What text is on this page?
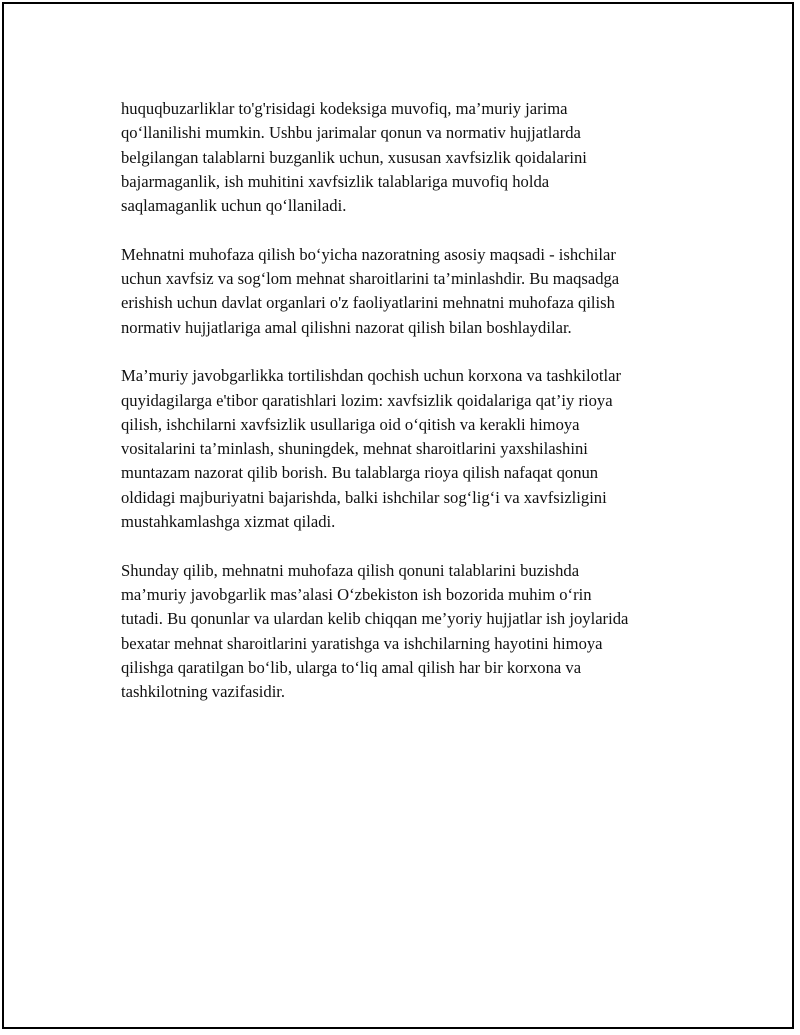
huquqbuzarliklar to'g'risidagi kodeksiga muvofiq, ma’muriy jarima
qo‘llanilishi mumkin. Ushbu jarimalar qonun va normativ hujjatlarda
belgilangan talablarni buzganlik uchun, xususan xavfsizlik qoidalarini
bajarmaganlik, ish muhitini xavfsizlik talablariga muvofiq holda
saqlamaganlik uchun qo‘llaniladi.

Mehnatni muhofaza qilish bo‘yicha nazoratning asosiy maqsadi - ishchilar
uchun xavfsiz va sog‘lom mehnat sharoitlarini ta’minlashdir. Bu maqsadga
erishish uchun davlat organlari o'z faoliyatlarini mehnatni muhofaza qilish
normativ hujjatlariga amal qilishni nazorat qilish bilan boshlaydilar.

Ma’muriy javobgarlikka tortilishdan qochish uchun korxona va tashkilotlar
quyidagilarga e'tibor qaratishlari lozim: xavfsizlik qoidalariga qat’iy rioya
qilish, ishchilarni xavfsizlik usullariga oid o‘qitish va kerakli himoya
vositalarini ta’minlash, shuningdek, mehnat sharoitlarini yaxshilashini
muntazam nazorat qilib borish. Bu talablarga rioya qilish nafaqat qonun
oldidagi majburiyatni bajarishda, balki ishchilar sog‘lig‘i va xavfsizligini
mustahkamlashga xizmat qiladi.

Shunday qilib, mehnatni muhofaza qilish qonuni talablarini buzishda
ma’muriy javobgarlik mas’alasi O‘zbekiston ish bozorida muhim o‘rin
tutadi. Bu qonunlar va ulardan kelib chiqqan me’yoriy hujjatlar ish joylarida
bexatar mehnat sharoitlarini yaratishga va ishchilarning hayotini himoya
qilishga qaratilgan bo‘lib, ularga to‘liq amal qilish har bir korxona va
tashkilotning vazifasidir.
